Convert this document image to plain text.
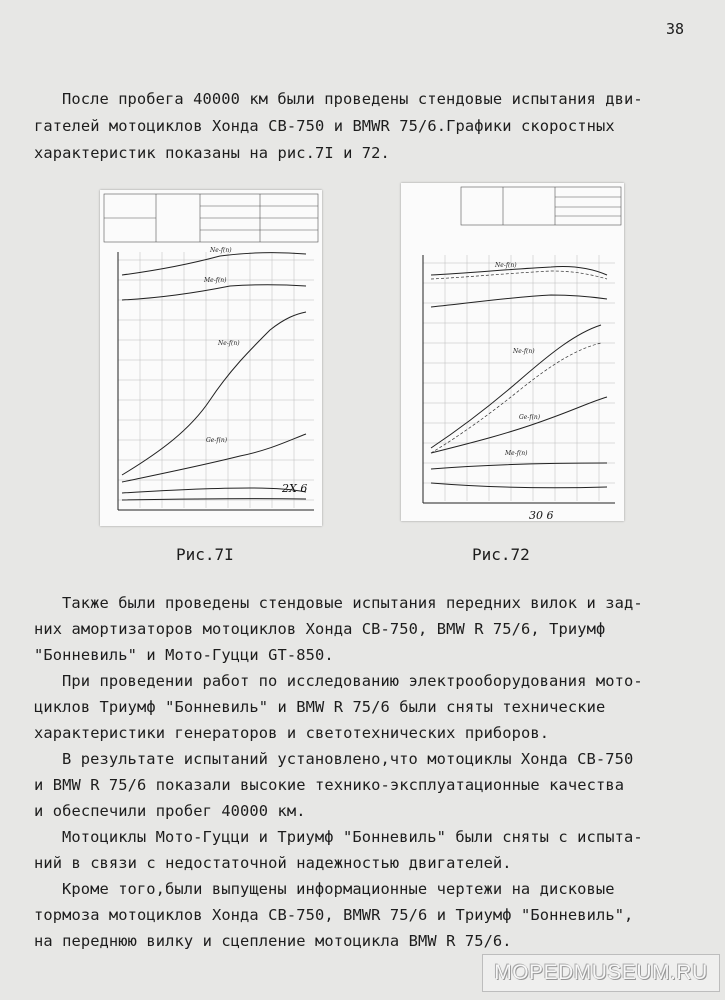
38

После пробега 40000 км были проведены стендовые испытания дви-

гателей мотоциклов Хонда СВ-750 и BMWR 75/6.Графики скоростных

характеристик показаны на рис.7I и 72.

Ne-f(n)
Me-f(n)
Ne-f(n)
Ge-f(n)
2X 6
Ne-f(n)
Ne-f(n)
Ge-f(n)
Me-f(n)
30 6
Рис.7I	Рис.72

Также были проведены стендовые испытания передних вилок и зад-

них амортизаторов мотоциклов Хонда СВ-750, BMW R 75/6, Триумф

"Бонневиль" и Мото-Гуцци GT-850.

При проведении работ по исследованию электрооборудования мото-

циклов Триумф "Бонневиль" и BMW R 75/6 были сняты технические

характеристики генераторов и светотехнических приборов.

В результате испытаний установлено,что мотоциклы Хонда СВ-750

и BMW R 75/6 показали высокие технико-эксплуатационные качества

и обеспечили пробег 40000 км.

Мотоциклы Мото-Гуцци и Триумф "Бонневиль" были сняты с испыта-

ний в связи с недостаточной надежностью двигателей.

Кроме того,были выпущены информационные чертежи на дисковые

тормоза мотоциклов Хонда СВ-750, BMWR 75/6 и Триумф "Бонневиль",

на переднюю вилку и сцепление мотоцикла BMW R 75/6.

MOPEDMUSEUM.RU
